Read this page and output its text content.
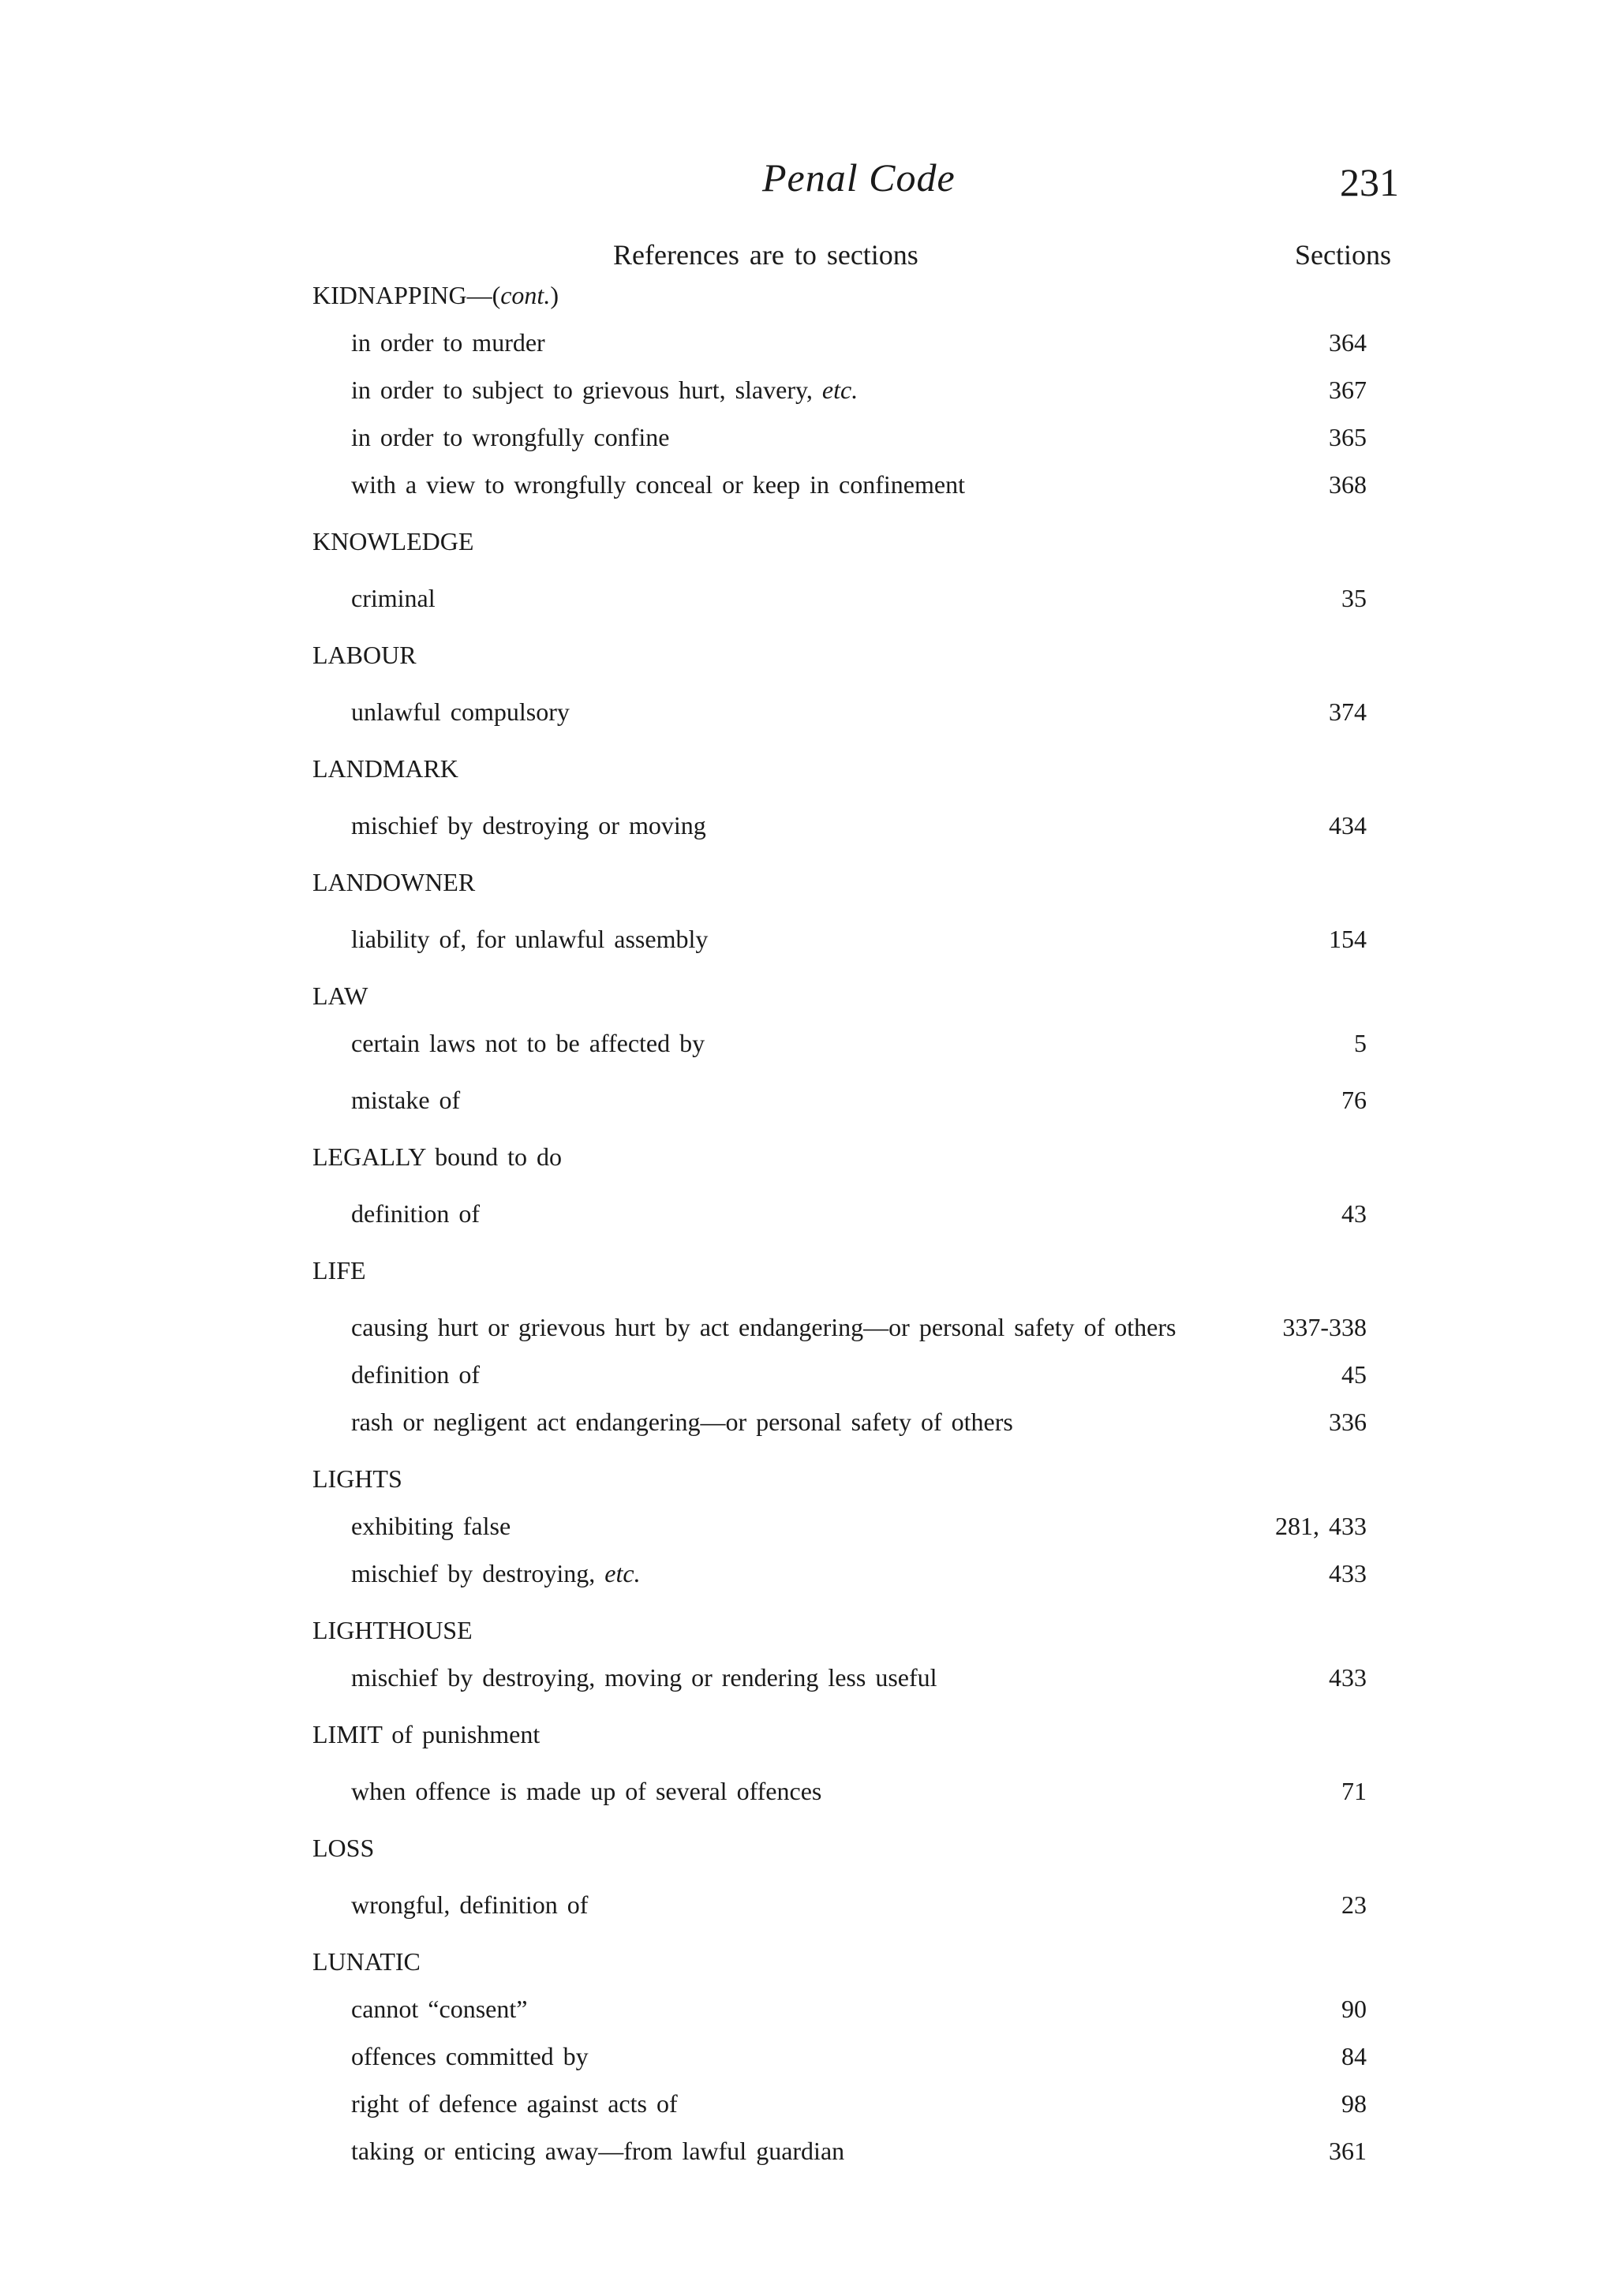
Penal Code	231
References are to sections	Sections
KIDNAPPING—(cont.)
in order to murder	364
in order to subject to grievous hurt, slavery, etc.	367
in order to wrongfully confine	365
with a view to wrongfully conceal or keep in confinement	368
KNOWLEDGE
criminal	35
LABOUR
unlawful compulsory	374
LANDMARK
mischief by destroying or moving	434
LANDOWNER
liability of, for unlawful assembly	154
LAW
certain laws not to be affected by	5
mistake of	76
LEGALLY bound to do
definition of	43
LIFE
causing hurt or grievous hurt by act endangering—or personal safety of others	337-338
definition of	45
rash or negligent act endangering—or personal safety of others	336
LIGHTS
exhibiting false	281, 433
mischief by destroying, etc.	433
LIGHTHOUSE
mischief by destroying, moving or rendering less useful	433
LIMIT of punishment
when offence is made up of several offences	71
LOSS
wrongful, definition of	23
LUNATIC
cannot “consent”	90
offences committed by	84
right of defence against acts of	98
taking or enticing away—from lawful guardian	361
